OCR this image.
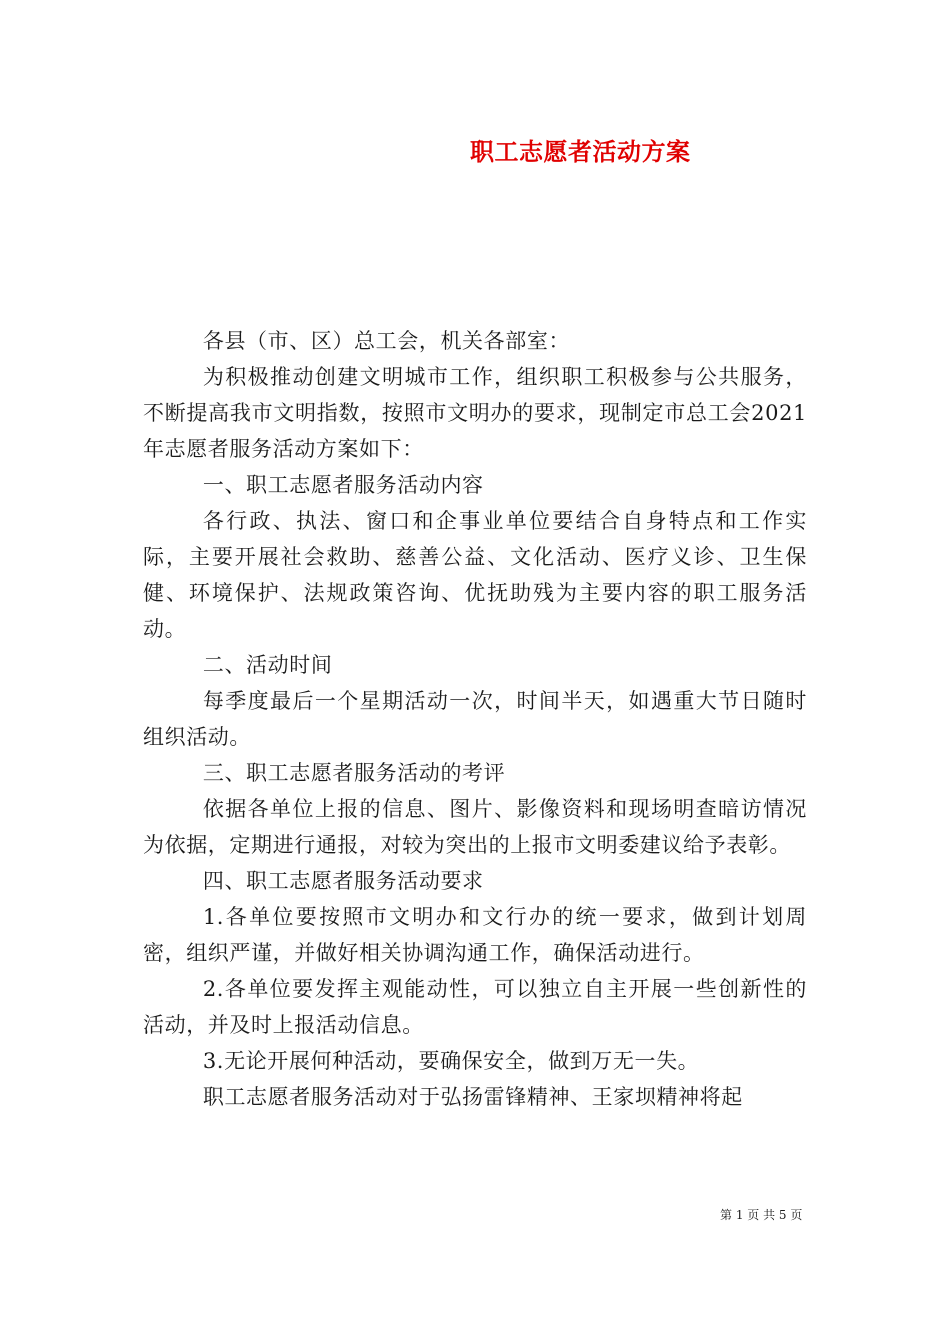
职工志愿者活动方案

各县（市、区）总工会，机关各部室：

为积极推动创建文明城市工作，组织职工积极参与公共服务，不断提高我市文明指数，按照市文明办的要求，现制定市总工会2021年志愿者服务活动方案如下：

一、职工志愿者服务活动内容

各行政、执法、窗口和企事业单位要结合自身特点和工作实际，主要开展社会救助、慈善公益、文化活动、医疗义诊、卫生保健、环境保护、法规政策咨询、优抚助残为主要内容的职工服务活动。

二、活动时间

每季度最后一个星期活动一次，时间半天，如遇重大节日随时组织活动。

三、职工志愿者服务活动的考评

依据各单位上报的信息、图片、影像资料和现场明查暗访情况为依据，定期进行通报，对较为突出的上报市文明委建议给予表彰。

四、职工志愿者服务活动要求

1.各单位要按照市文明办和文行办的统一要求，做到计划周密，组织严谨，并做好相关协调沟通工作，确保活动进行。

2.各单位要发挥主观能动性，可以独立自主开展一些创新性的活动，并及时上报活动信息。

3.无论开展何种活动，要确保安全，做到万无一失。

职工志愿者服务活动对于弘扬雷锋精神、王家坝精神将起

第 1 页 共 5 页
